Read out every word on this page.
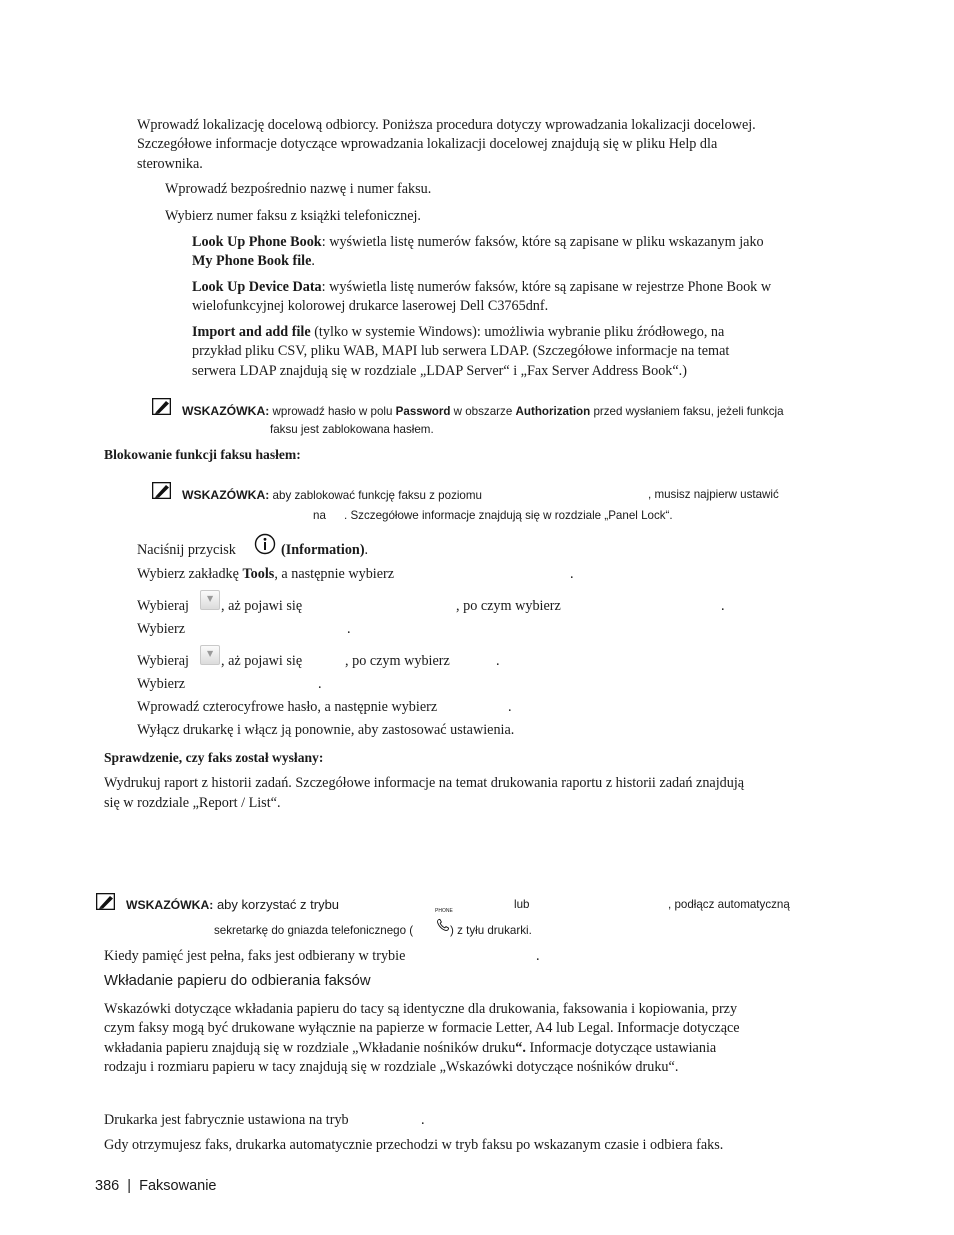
Wprowadź lokalizację docelową odbiorcy. Poniższa procedura dotyczy wprowadzania lokalizacji docelowej.
Szczegółowe informacje dotyczące wprowadzania lokalizacji docelowej znajdują się w pliku Help dla
sterownika.
Wprowadź bezpośrednio nazwę i numer faksu.
Wybierz numer faksu z książki telefonicznej.
Look Up Phone Book: wyświetla listę numerów faksów, które są zapisane w pliku wskazanym jako
My Phone Book file.
Look Up Device Data: wyświetla listę numerów faksów, które są zapisane w rejestrze Phone Book w
wielofunkcyjnej kolorowej drukarce laserowej Dell C3765dnf.
Import and add file (tylko w systemie Windows): umożliwia wybranie pliku źródłowego, na
przykład pliku CSV, pliku WAB, MAPI lub serwera LDAP. (Szczegółowe informacje na temat
serwera LDAP znajdują się w rozdziale „LDAP Server“ i „Fax Server Address Book“.)
WSKAZÓWKA: wprowadź hasło w polu Password w obszarze Authorization przed wysłaniem faksu, jeżeli funkcja
faksu jest zablokowana hasłem.
Blokowanie funkcji faksu hasłem:
WSKAZÓWKA: aby zablokować funkcję faksu z poziomu	, musisz najpierw ustawić
na . Szczegółowe informacje znajdują się w rozdziale „Panel Lock“.
Naciśnij przycisk	(Information).
Wybierz zakładkę Tools, a następnie wybierz	.
Wybieraj ▼ , aż pojawi się	, po czym wybierz	.
Wybierz	.
Wybieraj ▼ , aż pojawi się	, po czym wybierz	.
Wybierz	.
Wprowadź czterocyfrowe hasło, a następnie wybierz	.
Wyłącz drukarkę i włącz ją ponownie, aby zastosować ustawienia.
Sprawdzenie, czy faks został wysłany:
Wydrukuj raport z historii zadań. Szczegółowe informacje na temat drukowania raportu z historii zadań znajdują
się w rozdziale „Report / List“.
WSKAZÓWKA: aby korzystać z trybu	lub	, podłącz automatyczną
sekretarkę do gniazda telefonicznego (
PHONE
) z tyłu drukarki.
Kiedy pamięć jest pełna, faks jest odbierany w trybie	.
Wkładanie papieru do odbierania faksów
Wskazówki dotyczące wkładania papieru do tacy są identyczne dla drukowania, faksowania i kopiowania, przy
czym faksy mogą być drukowane wyłącznie na papierze w formacie Letter, A4 lub Legal. Informacje dotyczące
wkładania papieru znajdują się w rozdziale „Wkładanie nośników druku“. Informacje dotyczące ustawiania
rodzaju i rozmiaru papieru w tacy znajdują się w rozdziale „Wskazówki dotyczące nośników druku“.
Drukarka jest fabrycznie ustawiona na tryb	.
Gdy otrzymujesz faks, drukarka automatycznie przechodzi w tryb faksu po wskazanym czasie i odbiera faks.
386 | Faksowanie
